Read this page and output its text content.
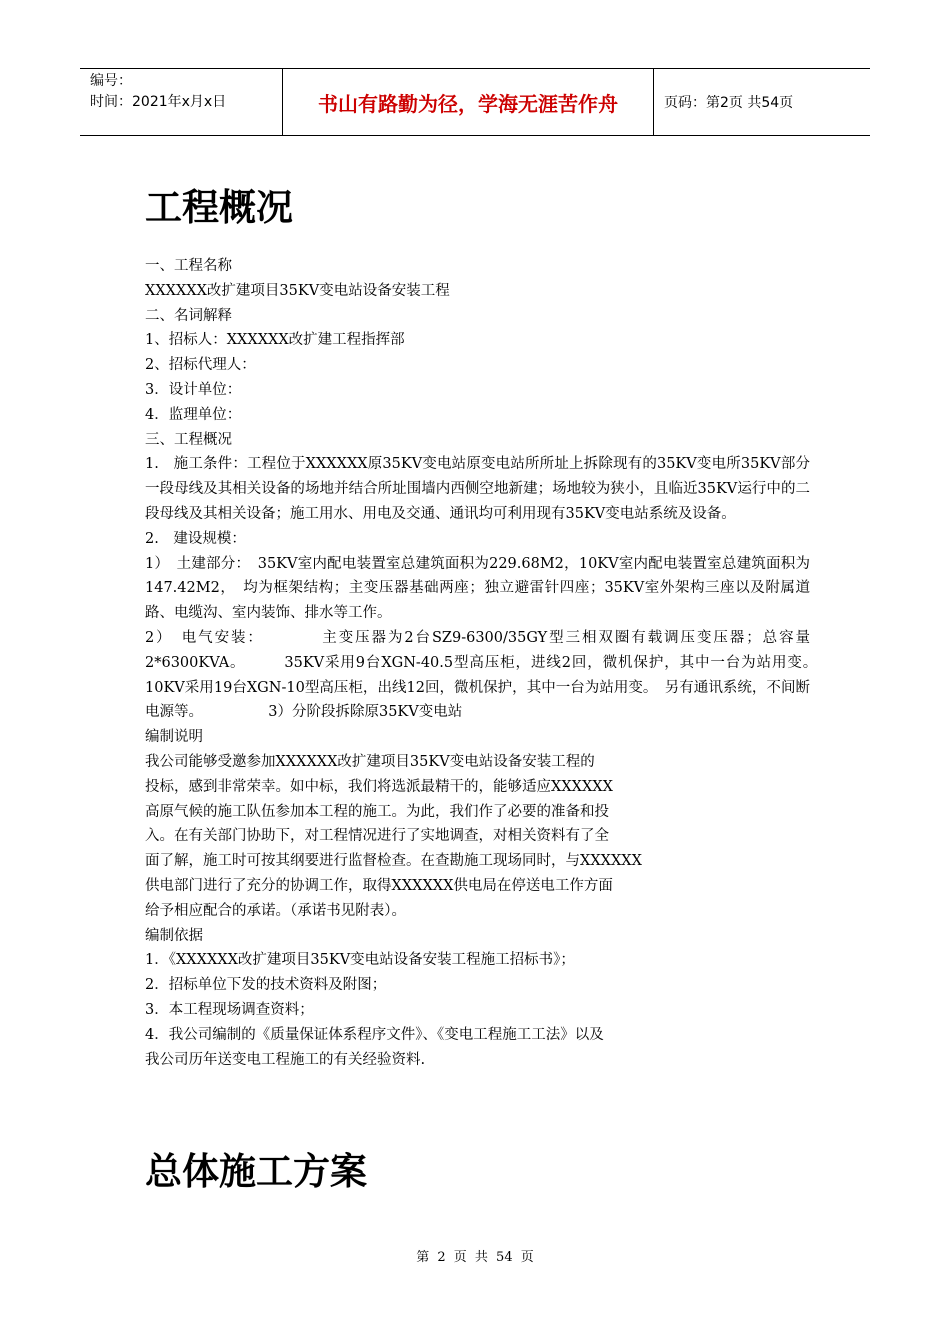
编号：
时间：2021年x月x日	书山有路勤为径，学海无涯苦作舟	页码：第2页 共54页
工程概况

一、工程名称

XXXXXX改扩建项目35KV变电站设备安装工程

二、名词解释

1、招标人：XXXXXX改扩建工程指挥部

2、招标代理人：

3．设计单位：

4．监理单位：

三、工程概况

1.　施工条件：工程位于XXXXXX原35KV变电站原变电站所所址上拆除现有的35KV变电所35KV部分一段母线及其相关设备的场地并结合所址围墙内西侧空地新建；场地较为狭小，且临近35KV运行中的二段母线及其相关设备；施工用水、用电及交通、通讯均可利用现有35KV变电站系统及设备。

2.　建设规模：

1）　土建部分：　35KV室内配电装置室总建筑面积为229.68M2，10KV室内配电装置室总建筑面积为147.42M2，　均为框架结构；主变压器基础两座；独立避雷针四座；35KV室外架构三座以及附属道路、电缆沟、室内装饰、排水等工作。

2）　电气安装：　　　　主变压器为2台SZ9-6300/35GY型三相双圈有载调压变压器；总容量2*6300KVA。　　　35KV采用9台XGN-40.5型高压柜，进线2回，微机保护，其中一台为站用变。　10KV采用19台XGN-10型高压柜，出线12回，微机保护，其中一台为站用变。　另有通讯系统，不间断电源等。　　　　　3）分阶段拆除原35KV变电站

编制说明

我公司能够受邀参加XXXXXX改扩建项目35KV变电站设备安装工程的

投标，感到非常荣幸。如中标，我们将选派最精干的，能够适应XXXXXX

高原气候的施工队伍参加本工程的施工。为此，我们作了必要的准备和投

入。在有关部门协助下，对工程情况进行了实地调查，对相关资料有了全

面了解，施工时可按其纲要进行监督检查。在查勘施工现场同时，与XXXXXX

供电部门进行了充分的协调工作，取得XXXXXX供电局在停送电工作方面

给予相应配合的承诺。（承诺书见附表）。

编制依据

1．《XXXXXX改扩建项目35KV变电站设备安装工程施工招标书》；

2．招标单位下发的技术资料及附图；

3．本工程现场调查资料；

4．我公司编制的《质量保证体系程序文件》、《变电工程施工工法》以及

我公司历年送变电工程施工的有关经验资料.

总体施工方案
第 2 页 共 54 页
